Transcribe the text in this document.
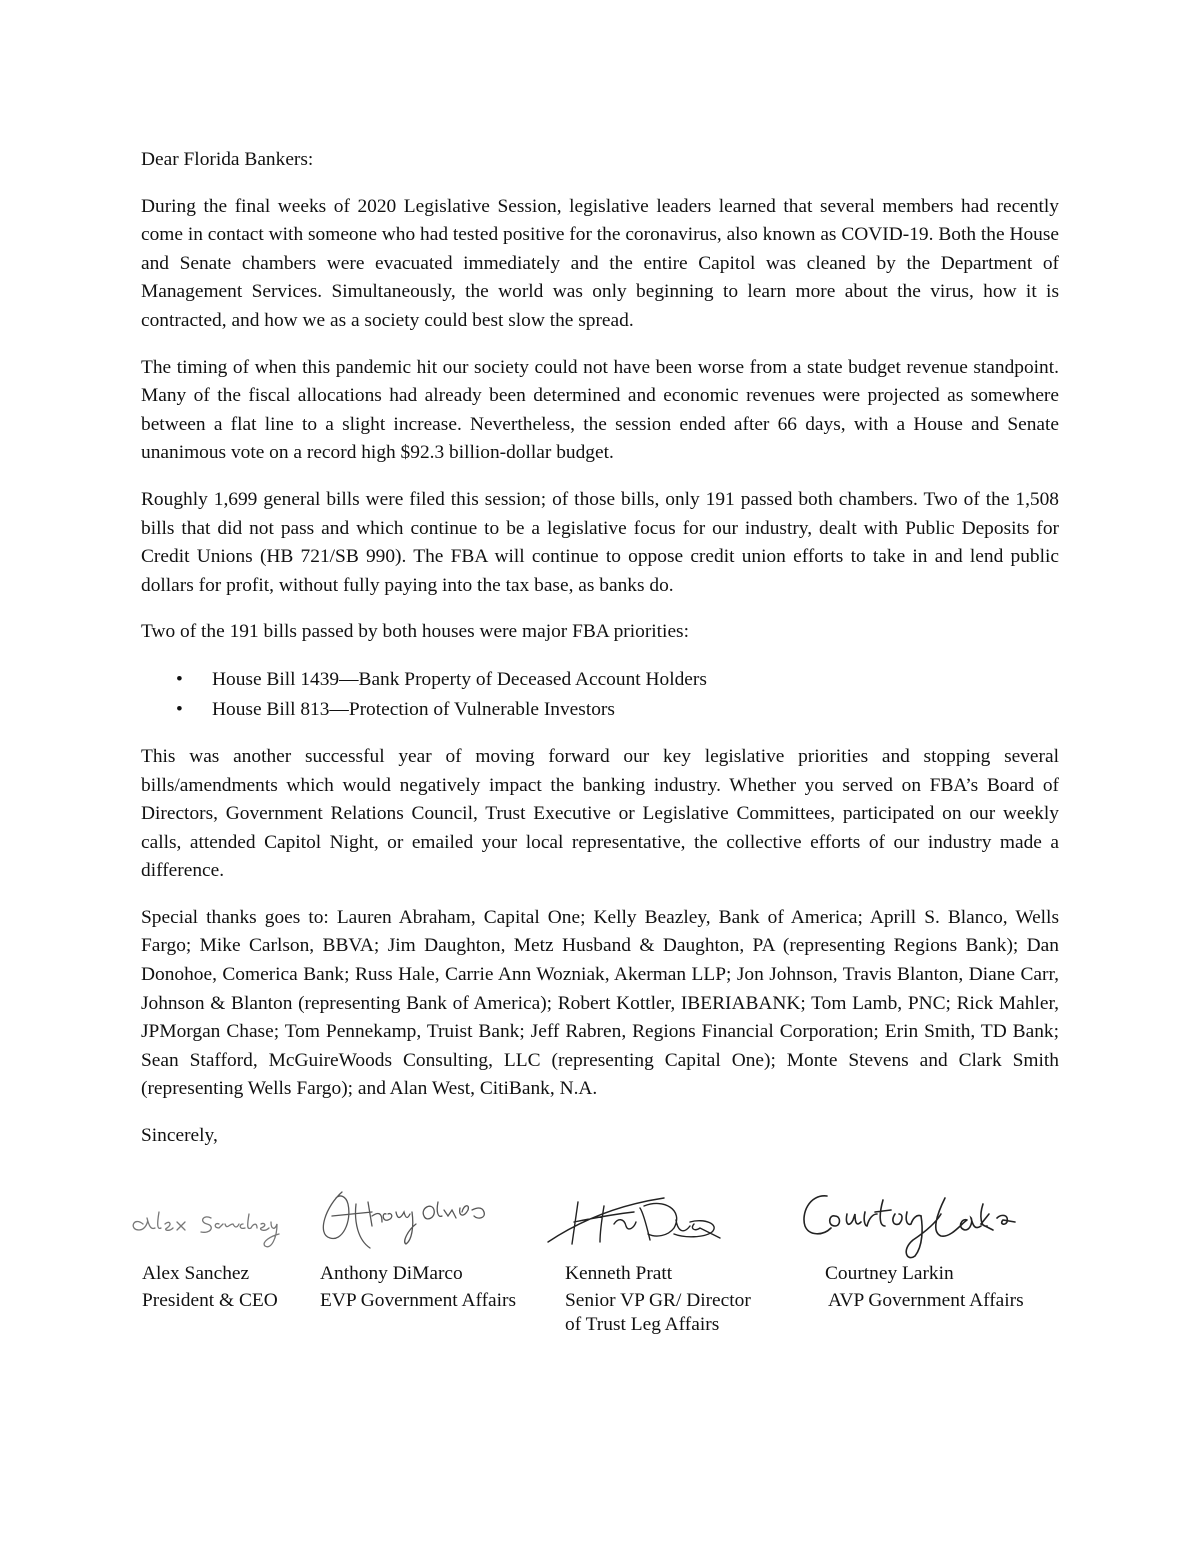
Dear Florida Bankers:

During the final weeks of 2020 Legislative Session, legislative leaders learned that several members had recently come in contact with someone who had tested positive for the coronavirus, also known as COVID-19. Both the House and Senate chambers were evacuated immediately and the entire Capitol was cleaned by the Department of Management Services. Simultaneously, the world was only beginning to learn more about the virus, how it is contracted, and how we as a society could best slow the spread.

The timing of when this pandemic hit our society could not have been worse from a state budget revenue standpoint. Many of the fiscal allocations had already been determined and economic revenues were projected as somewhere between a flat line to a slight increase. Nevertheless, the session ended after 66 days, with a House and Senate unanimous vote on a record high $92.3 billion-dollar budget.

Roughly 1,699 general bills were filed this session; of those bills, only 191 passed both chambers. Two of the 1,508 bills that did not pass and which continue to be a legislative focus for our industry, dealt with Public Deposits for Credit Unions (HB 721/SB 990). The FBA will continue to oppose credit union efforts to take in and lend public dollars for profit, without fully paying into the tax base, as banks do.

Two of the 191 bills passed by both houses were major FBA priorities:

• House Bill 1439—Bank Property of Deceased Account Holders
• House Bill 813—Protection of Vulnerable Investors

This was another successful year of moving forward our key legislative priorities and stopping several bills/amendments which would negatively impact the banking industry. Whether you served on FBA’s Board of Directors, Government Relations Council, Trust Executive or Legislative Committees, participated on our weekly calls, attended Capitol Night, or emailed your local representative, the collective efforts of our industry made a difference.

Special thanks goes to: Lauren Abraham, Capital One; Kelly Beazley, Bank of America; Aprill S. Blanco, Wells Fargo; Mike Carlson, BBVA; Jim Daughton, Metz Husband & Daughton, PA (representing Regions Bank); Dan Donohoe, Comerica Bank; Russ Hale, Carrie Ann Wozniak, Akerman LLP; Jon Johnson, Travis Blanton, Diane Carr, Johnson & Blanton (representing Bank of America); Robert Kottler, IBERIABANK; Tom Lamb, PNC; Rick Mahler, JPMorgan Chase; Tom Pennekamp, Truist Bank; Jeff Rabren, Regions Financial Corporation; Erin Smith, TD Bank; Sean Stafford, McGuireWoods Consulting, LLC (representing Capital One); Monte Stevens and Clark Smith (representing Wells Fargo); and Alan West, CitiBank, N.A.

Sincerely,

Alex Sanchez
President & CEO
Anthony DiMarco
EVP Government Affairs
Kenneth Pratt
Senior VP GR/ Director
of Trust Leg Affairs
Courtney Larkin
AVP Government Affairs
